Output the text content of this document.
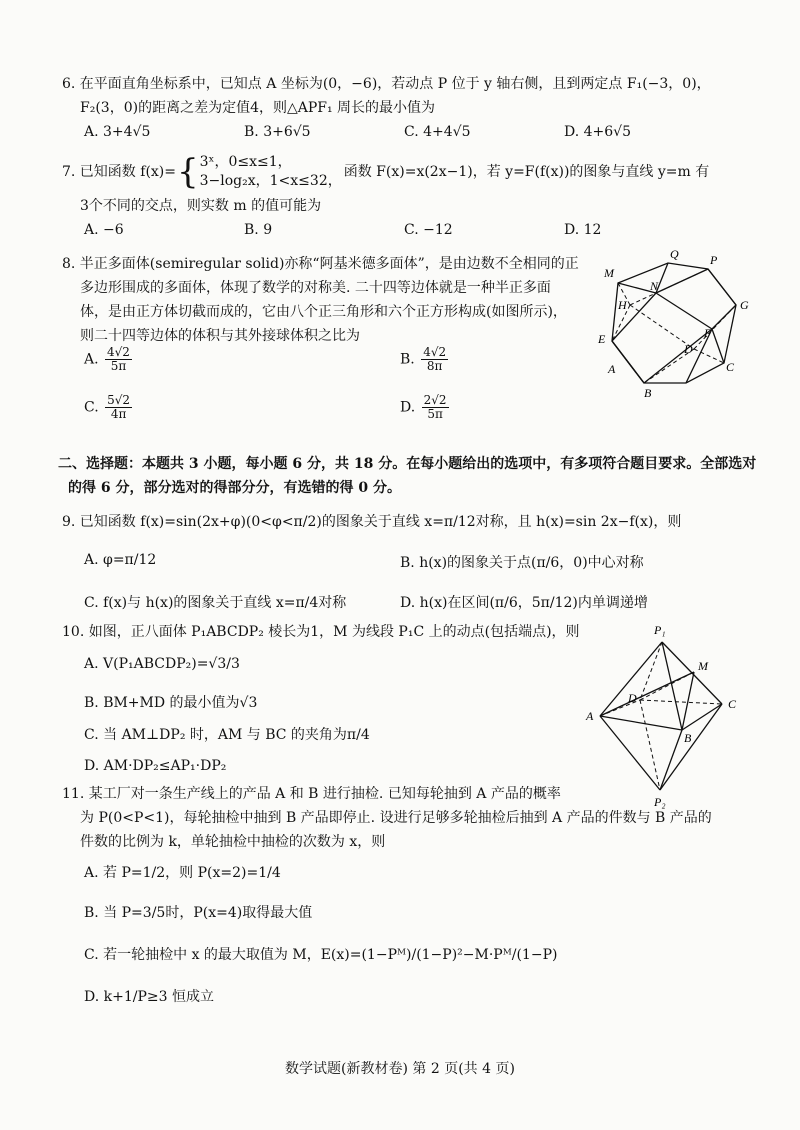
6. 在平面直角坐标系中，已知点 A 坐标为(0，−6)，若动点 P 位于 y 轴右侧，且到两定点 F₁(−3，0)，
F₂(3，0)的距离之差为定值4，则△APF₁ 周长的最小值为
A. 3+4√5	B. 3+6√5	C. 4+4√5	D. 4+6√5
7. 已知函数 f(x)= { 3ˣ，0≤x≤1，
3−log₂x，1<x≤32，
函数 F(x)=x(2x−1)，若 y=F(f(x))的图象与直线 y=m 有
3个不同的交点，则实数 m 的值可能为
A. −6	B. 9	C. −12	D. 12
8. 半正多面体(semiregular solid)亦称“阿基米德多面体”，是由边数不全相同的正
多边形围成的多面体，体现了数学的对称美. 二十四等边体就是一种半正多面
体，是由正方体切截而成的，它由八个正三角形和六个正方形构成(如图所示)，
则二十四等边体的体积与其外接球体积之比为
A. $\frac{4√2}{5\pi}$	B. $\frac{4√2}{8\pi}$
C. $\frac{5√2}{4\pi}$	D. $\frac{2√2}{5\pi}$
M
Q	P
N
H	G
E	F
D
A
B
C
二、选择题：本题共 3 小题，每小题 6 分，共 18 分。在每小题给出的选项中，有多项符合题目要求。全部选对
的得 6 分，部分选对的得部分分，有选错的得 0 分。
9. 已知函数 f(x)=sin(2x+φ)(0<φ<π/2)的图象关于直线 x=π/12对称，且 h(x)=sin 2x−f(x)，则
A. φ=π/12	B. h(x)的图象关于点(π/6，0)中心对称
C. f(x)与 h(x)的图象关于直线 x=π/4对称	D. h(x)在区间(π/6，5π/12)内单调递增
10. 如图，正八面体 P₁ABCDP₂ 棱长为1，M 为线段 P₁C 上的动点(包括端点)，则
A. V(P₁ABCDP₂)=√3/3
B. BM+MD 的最小值为√3
C. 当 AM⊥DP₂ 时，AM 与 BC 的夹角为π/4
D. AM·DP₂≤AP₁·DP₂
P₁
M
D
A
B
C
P₂
11. 某工厂对一条生产线上的产品 A 和 B 进行抽检. 已知每轮抽到 A 产品的概率
为 P(0<P<1)，每轮抽检中抽到 B 产品即停止. 设进行足够多轮抽检后抽到 A 产品的件数与 B 产品的
件数的比例为 k，单轮抽检中抽检的次数为 x，则
A. 若 P=1/2，则 P(x=2)=1/4
B. 当 P=3/5时，P(x=4)取得最大值
C. 若一轮抽检中 x 的最大取值为 M，E(x)=(1−Pᴹ)/(1−P)²−M·Pᴹ/(1−P)
D. k+1/P≥3 恒成立
数学试题(新教材卷) 第 2 页(共 4 页)
